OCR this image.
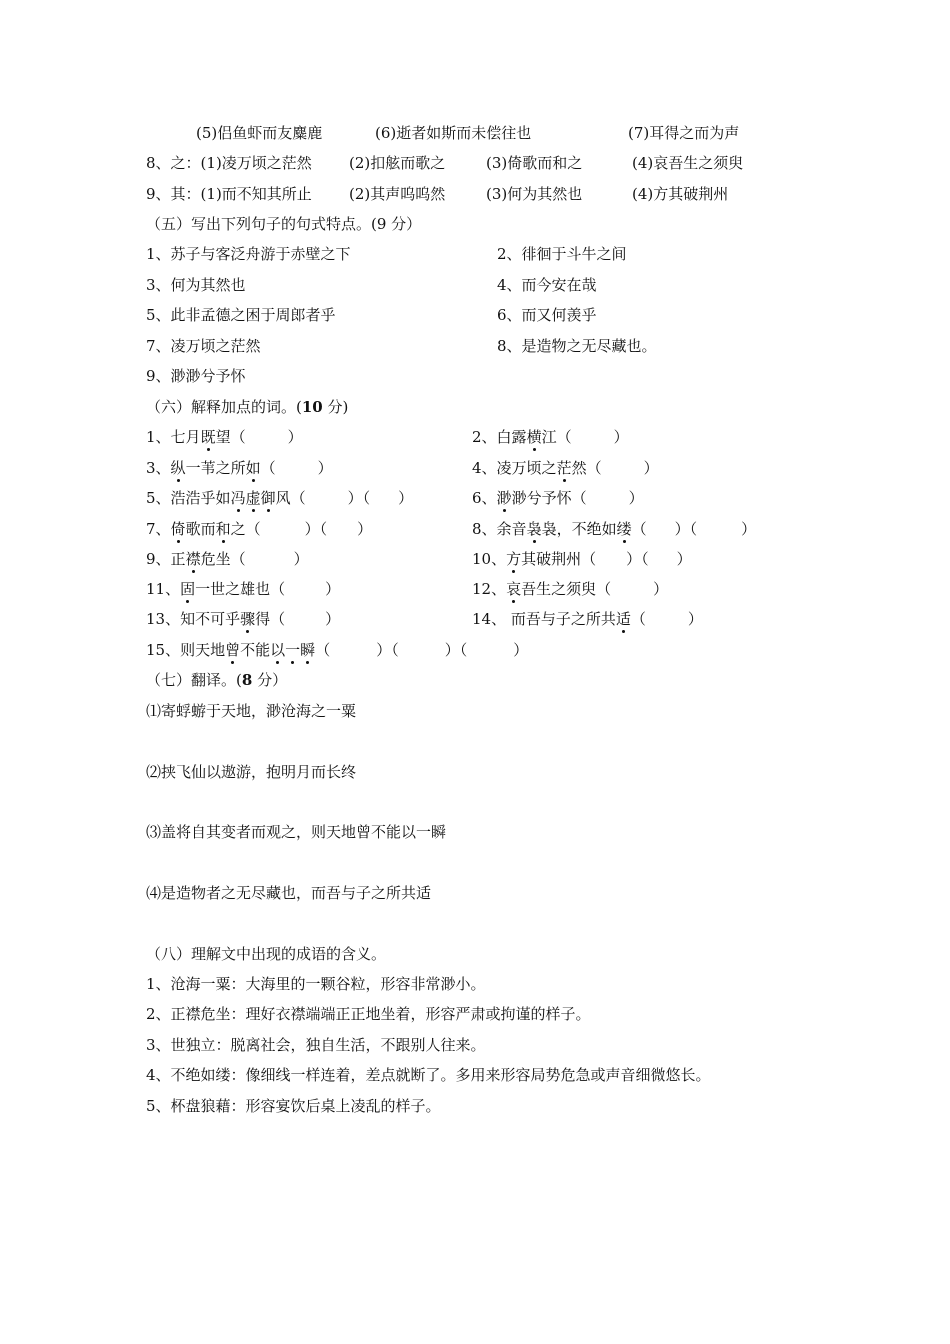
(5)侣鱼虾而友麋鹿	(6)逝者如斯而未偿往也	(7)耳得之而为声
8、之：(1)凌万顷之茫然 (2)扣舷而歌之	(3)倚歌而和之	(4)哀吾生之须臾
9、其：(1)而不知其所止 (2)其声呜呜然	(3)何为其然也	(4)方其破荆州
（五）写出下列句子的句式特点。(9 分）
1、苏子与客泛舟游于赤壁之下	2、徘徊于斗牛之间
3、何为其然也	4、而今安在哉
5、此非孟德之困于周郎者乎	6、而又何羡乎
7、凌万顷之茫然	8、是造物之无尽藏也。
9、渺渺兮予怀
（六）解释加点的词。(10 分)
1、七月既望（	）	2、白露横江（	）
3、纵一苇之所如（	）	4、凌万顷之茫然（	）
5、浩浩乎如冯虚御风（	）（ ）	6、渺渺兮予怀（	）
7、倚歌而和之（	）（ ）	8、余音袅袅，不绝如缕（ ）（	）
9、正襟危坐（	）	10、方其破荆州（ ）（ ）
11、固一世之雄也（	）	12、哀吾生之须臾（	）
13、知不可乎骤得（	）	14、 而吾与子之所共适（	）
15、则天地曾不能以一瞬（	）（	）（	）
（七）翻译。(8 分）
⑴寄蜉蝣于天地，渺沧海之一粟
⑵挟飞仙以遨游，抱明月而长终
⑶盖将自其变者而观之，则天地曾不能以一瞬
⑷是造物者之无尽藏也，而吾与子之所共适
（八）理解文中出现的成语的含义。
1、沧海一粟：大海里的一颗谷粒，形容非常渺小。
2、正襟危坐：理好衣襟端端正正地坐着，形容严肃或拘谨的样子。
3、世独立：脱离社会，独自生活，不跟别人往来。
4、不绝如缕：像细线一样连着，差点就断了。多用来形容局势危急或声音细微悠长。
5、杯盘狼藉：形容宴饮后桌上凌乱的样子。
